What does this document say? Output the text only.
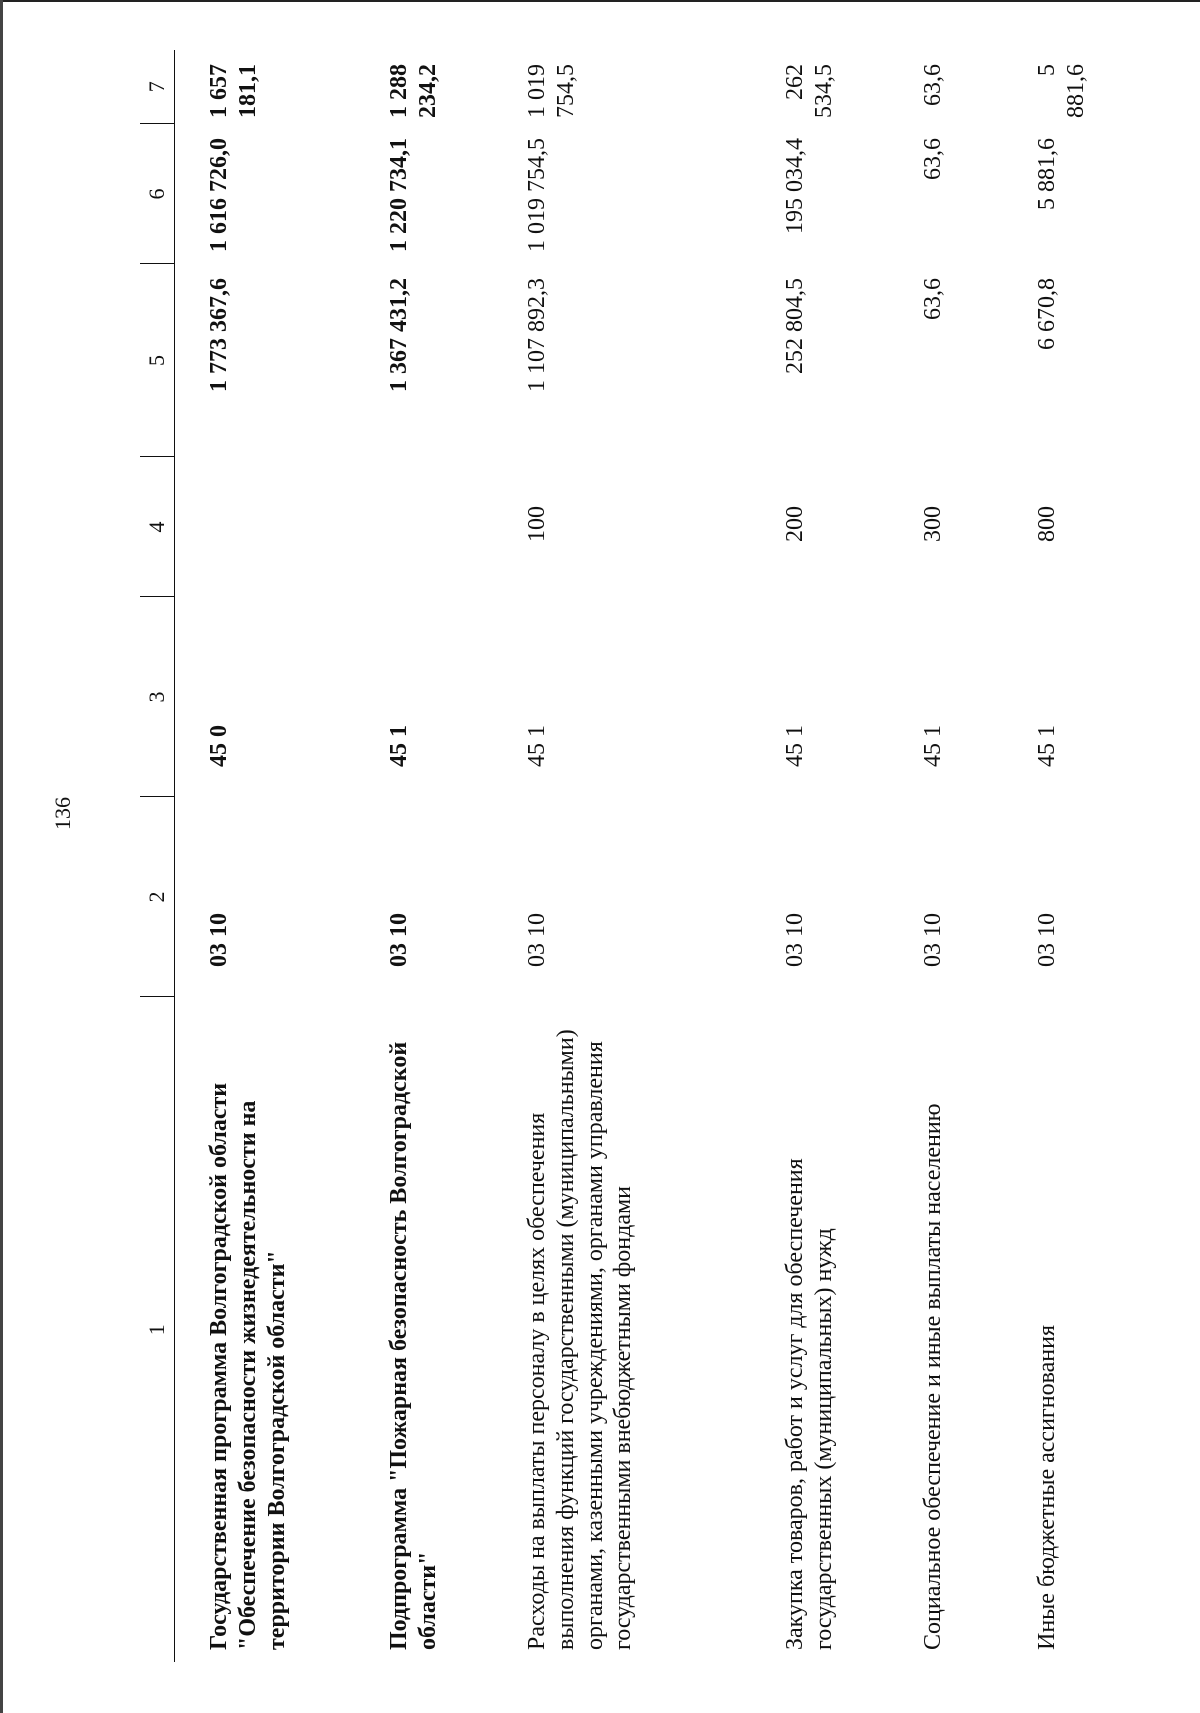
136
1	2	3	4	5	6	7
Государственная программа Волгоградской области "Обеспечение безопасности жизнедеятельности на территории Волгоградской области"	03 10	45 0		1 773 367,6	1 616 726,0	1 657 181,1
Подпрограмма "Пожарная безопасность Волгоградской области"	03 10	45 1		1 367 431,2	1 220 734,1	1 288 234,2
Расходы на выплаты персоналу в целях обеспечения выполнения функций государственными (муниципальными) органами, казенными учреждениями, органами управления государственными внебюджетными фондами	03 10	45 1	100	1 107 892,3	1 019 754,5	1 019 754,5
Закупка товаров, работ и услуг для обеспечения государственных (муниципальных) нужд	03 10	45 1	200	252 804,5	195 034,4	262 534,5
Социальное обеспечение и иные выплаты населению	03 10	45 1	300	63,6	63,6	63,6
Иные бюджетные ассигнования	03 10	45 1	800	6 670,8	5 881,6	5 881,6
